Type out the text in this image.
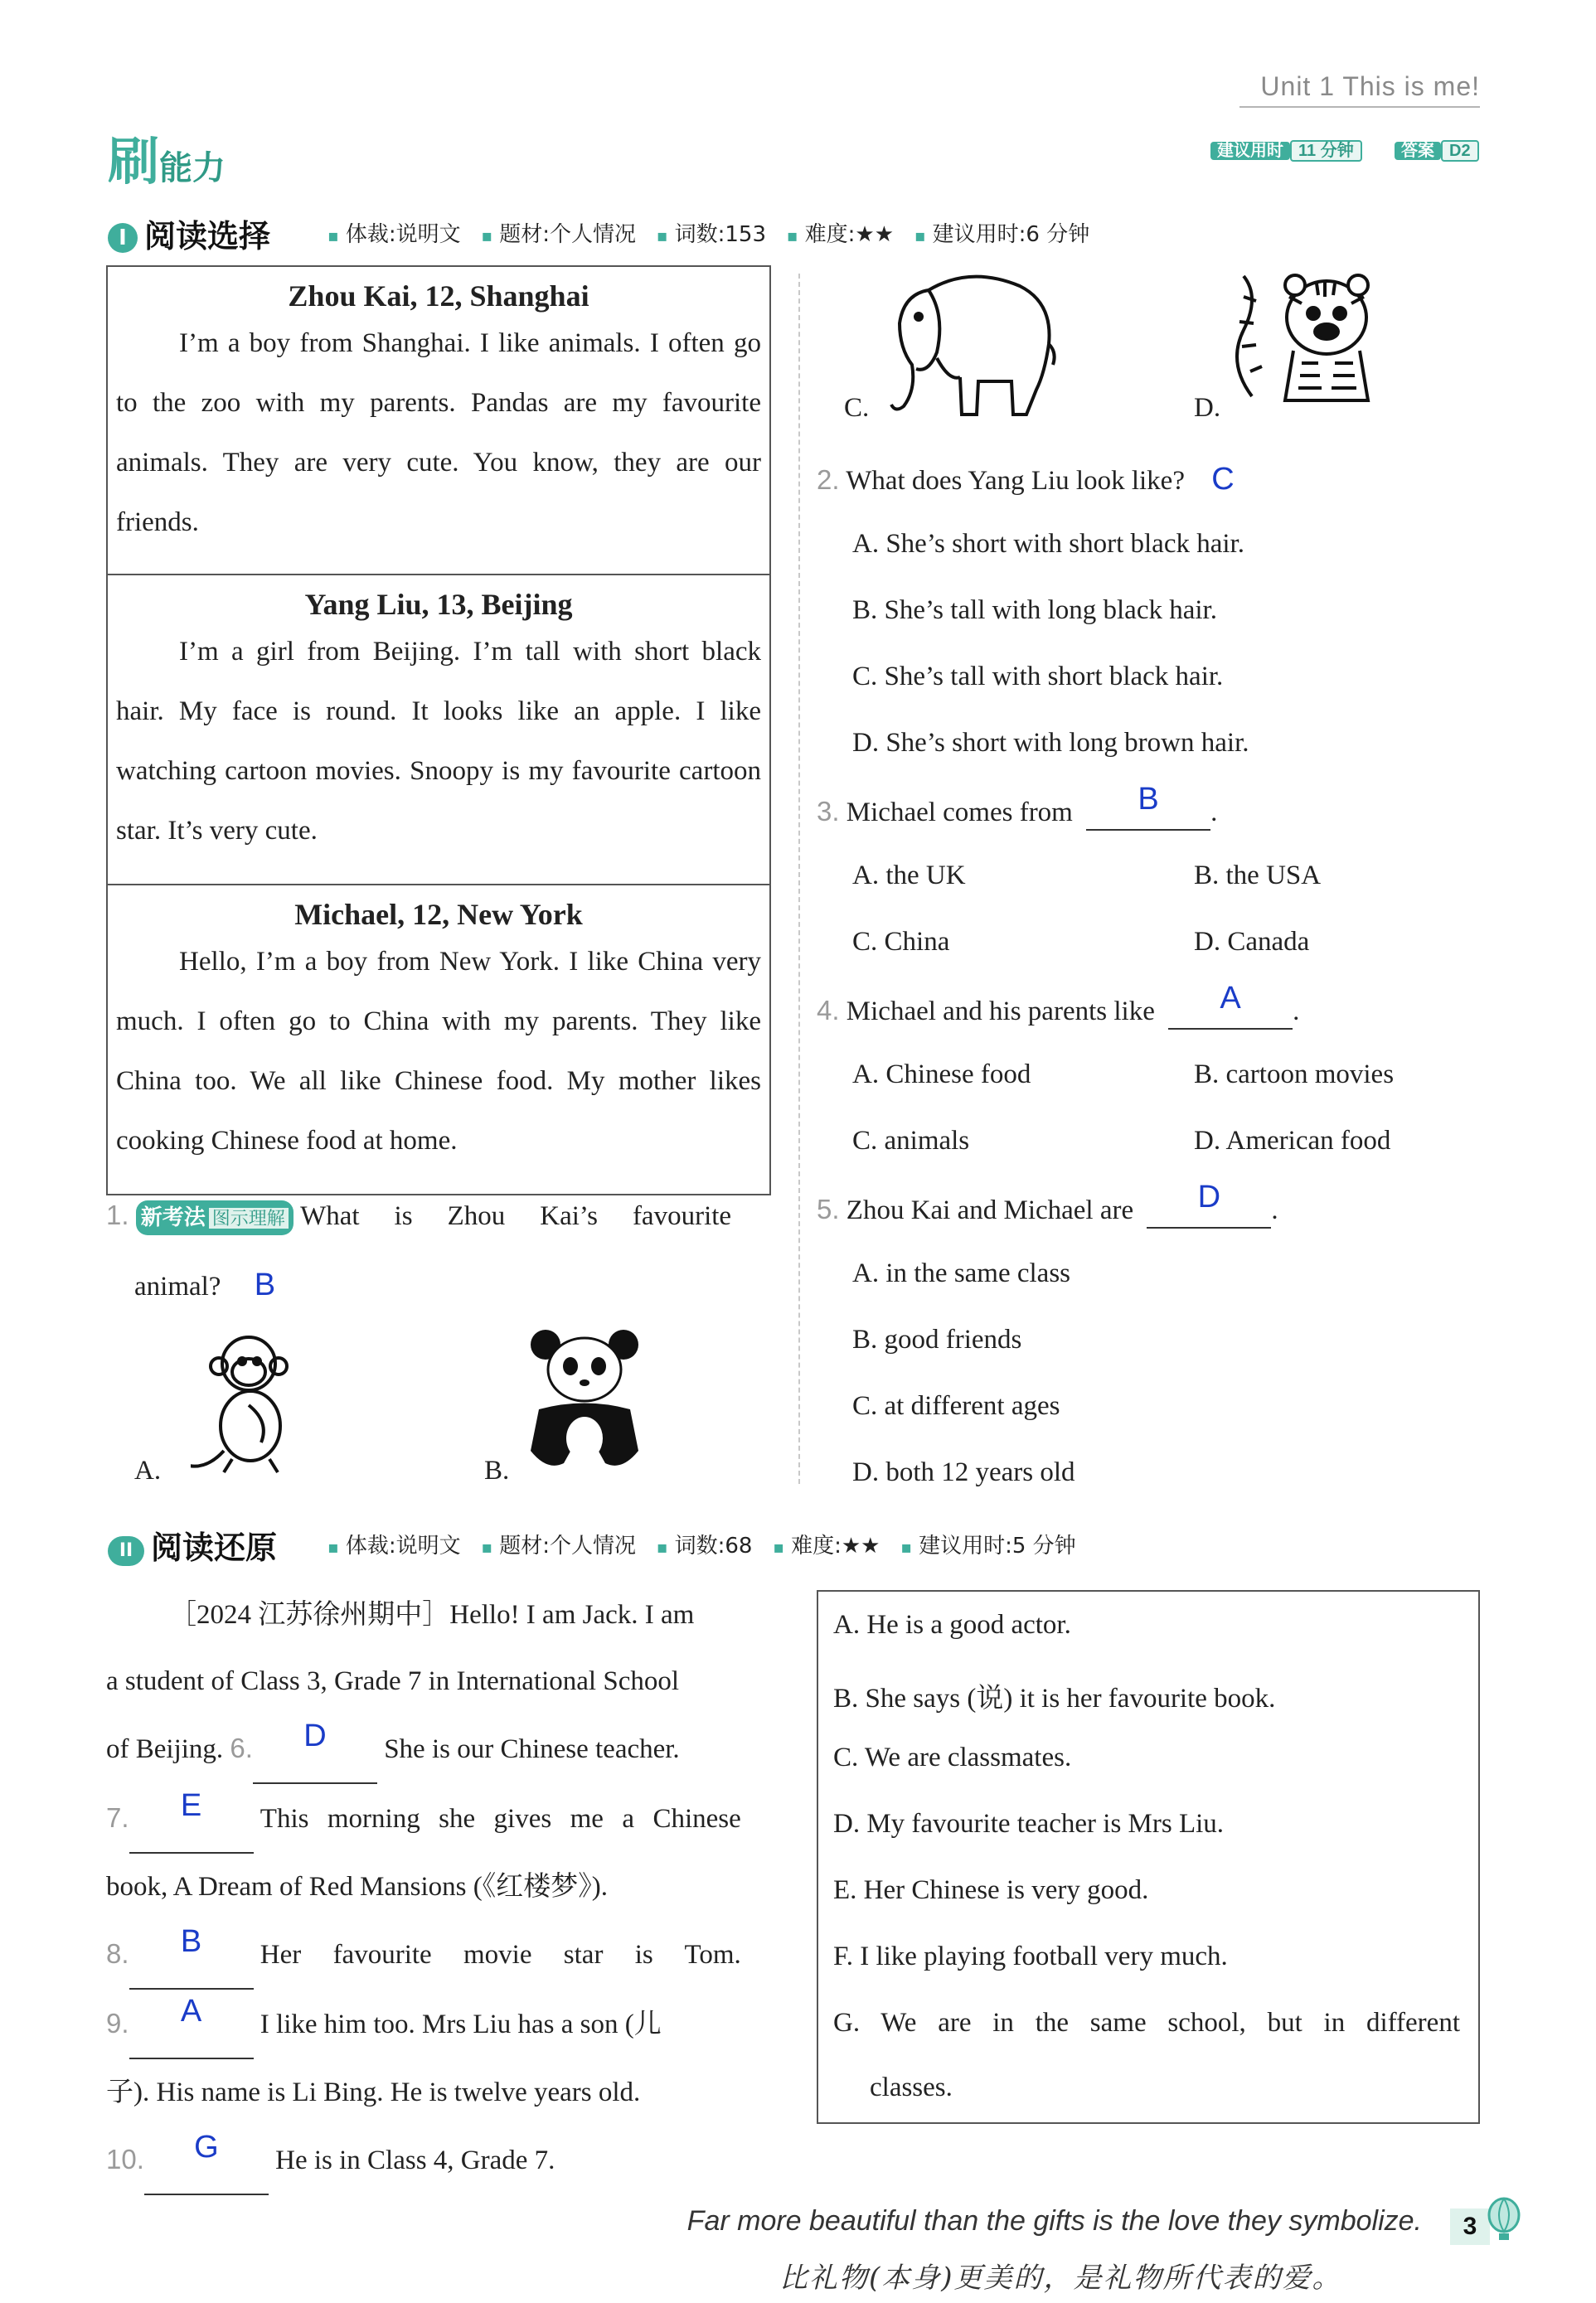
Unit 1 This is me!
刷能力	建议用时 11 分钟	答案 D2
I 阅读选择	▪ 体裁:说明文 ▪ 题材:个人情况 ▪ 词数:153 ▪ 难度:★★ ▪ 建议用时:6 分钟
Zhou Kai, 12, Shanghai
I’m a boy from Shanghai. I like animals. I often go to the zoo with my parents. Pandas are my favourite animals. They are very cute. You know, they are our friends.
Yang Liu, 13, Beijing
I’m a girl from Beijing. I’m tall with short black hair. My face is round. It looks like an apple. I like watching cartoon movies. Snoopy is my favourite cartoon star. It’s very cute.
Michael, 12, New York
Hello, I’m a boy from New York. I like China very much. I often go to China with my parents. They like China too. We all like Chinese food. My mother likes cooking Chinese food at home.
1. 新考法 图示理解 What is Zhou Kai’s favourite
animal? B
A.	B.
C.	D.
2. What does Yang Liu look like? C
A. She’s short with short black hair.
B. She’s tall with long black hair.
C. She’s tall with short black hair.
D. She’s short with long brown hair.
3. Michael comes from B .
A. the UK	B. the USA
C. China	D. Canada
4. Michael and his parents like A .
A. Chinese food	B. cartoon movies
C. animals	D. American food
5. Zhou Kai and Michael are D .
A. in the same class
B. good friends
C. at different ages
D. both 12 years old
II 阅读还原	▪ 体裁:说明文 ▪ 题材:个人情况 ▪ 词数:68 ▪ 难度:★★ ▪ 建议用时:5 分钟
［2024 江苏徐州期中］Hello! I am Jack. I am
a student of Class 3, Grade 7 in International School
of Beijing. 6. D She is our Chinese teacher.
7. E This morning she gives me a Chinese
book, A Dream of Red Mansions (《红楼梦》).
8. B Her favourite movie star is Tom.
9. A I like him too. Mrs Liu has a son (儿
子). His name is Li Bing. He is twelve years old.
10. G He is in Class 4, Grade 7.
A. He is a good actor.
B. She says (说) it is her favourite book.
C. We are classmates.
D. My favourite teacher is Mrs Liu.
E. Her Chinese is very good.
F. I like playing football very much.
G. We are in the same school, but in different
classes.
Far more beautiful than the gifts is the love they symbolize.	3
比礼物(本身)更美的，是礼物所代表的爱。
